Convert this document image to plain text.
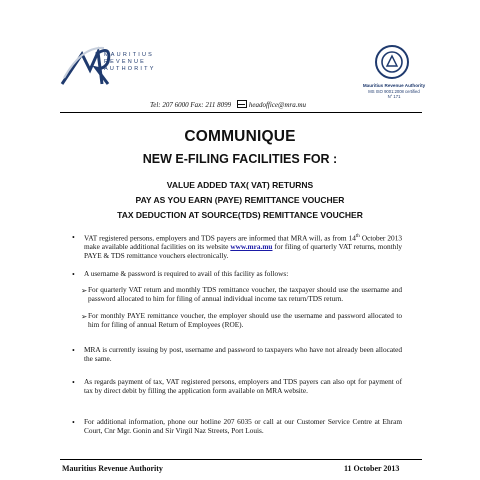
MAURITIUS
REVENUE
AUTHORITY
Mauritius Revenue Authority
MS ISO 9001:2008 certified
N° 171
Tel: 207 6000 Fax: 211 8099	headoffice@mra.mu
COMMUNIQUE
NEW E-FILING FACILITIES FOR :
VALUE ADDED TAX( VAT) RETURNS
PAY AS YOU EARN (PAYE) REMITTANCE VOUCHER
TAX DEDUCTION AT SOURCE(TDS) REMITTANCE VOUCHER
• VAT registered persons, employers and TDS payers are informed that MRA will, as from 14th October 2013 make available additional facilities on its website www.mra.mu for filing of quarterly VAT returns, monthly PAYE & TDS remittance vouchers electronically.
• A username & password is required to avail of this facility as follows:
➢ For quarterly VAT return and monthly TDS remittance voucher, the taxpayer should use the username and password allocated to him for filing of annual individual income tax return/TDS return.
➢ For monthly PAYE remittance voucher, the employer should use the username and password allocated to him for filing of annual Return of Employees (ROE).
• MRA is currently issuing by post, username and password to taxpayers who have not already been allocated the same.
• As regards payment of tax, VAT registered persons, employers and TDS payers can also opt for payment of tax by direct debit by filling the application form available on MRA website.
• For additional information, phone our hotline 207 6035 or call at our Customer Service Centre at Ehram Court, Cnr Mgr. Gonin and Sir Virgil Naz Streets, Port Louis.
Mauritius Revenue Authority	11 October 2013
